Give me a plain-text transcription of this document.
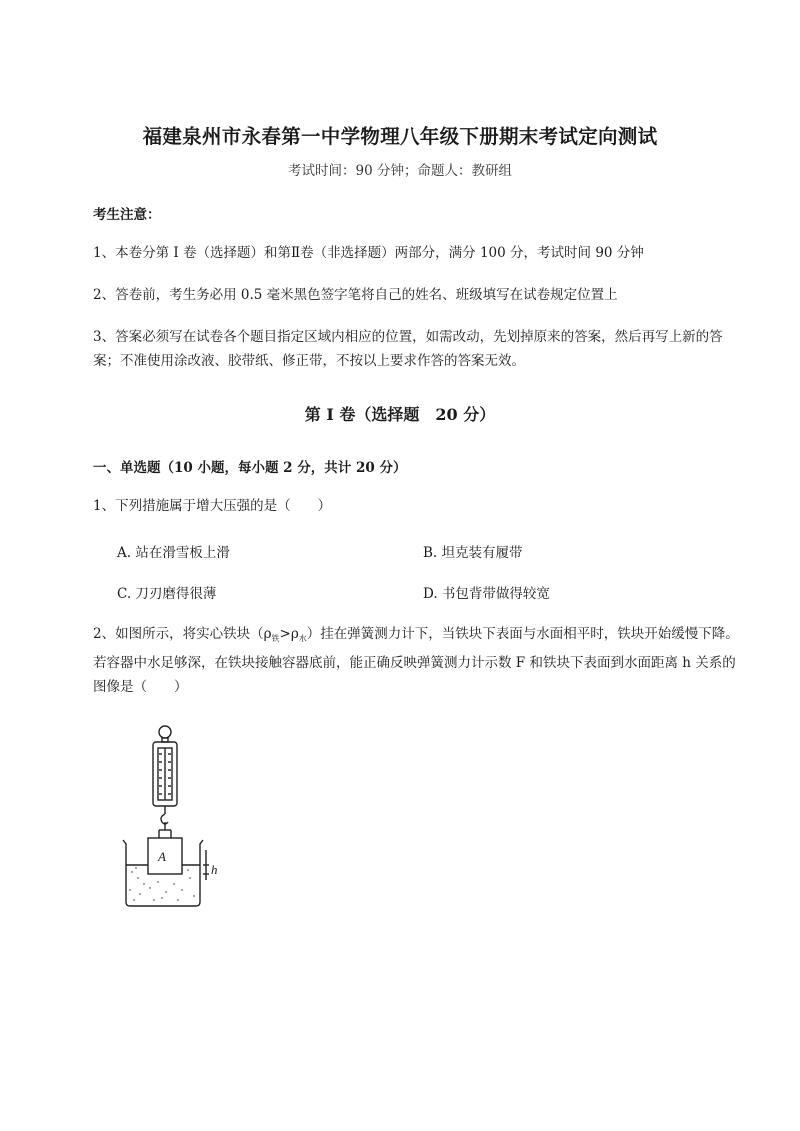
福建泉州市永春第一中学物理八年级下册期末考试定向测试
考试时间：90 分钟；命题人：教研组
考生注意：
1、本卷分第 I 卷（选择题）和第Ⅱ卷（非选择题）两部分，满分 100 分，考试时间 90 分钟
2、答卷前，考生务必用 0.5 毫米黑色签字笔将自己的姓名、班级填写在试卷规定位置上
3、答案必须写在试卷各个题目指定区域内相应的位置，如需改动，先划掉原来的答案，然后再写上新的答案；不准使用涂改液、胶带纸、修正带，不按以上要求作答的答案无效。
第 I 卷（选择题　20 分）
一、单选题（10 小题，每小题 2 分，共计 20 分）
1、下列措施属于增大压强的是（　　）
A. 站在滑雪板上滑	B. 坦克装有履带
C. 刀刃磨得很薄	D. 书包背带做得较宽
2、如图所示，将实心铁块$(\rho_铁>\rho_水)$挂在弹簧测力计下，当铁块下表面与水面相平时，铁块开始缓慢下降。若容器中水足够深，在铁块接触容器底前，能正确反映弹簧测力计示数 F 和铁块下表面到水面距离 h 关系的图像是（　　）
A
h
